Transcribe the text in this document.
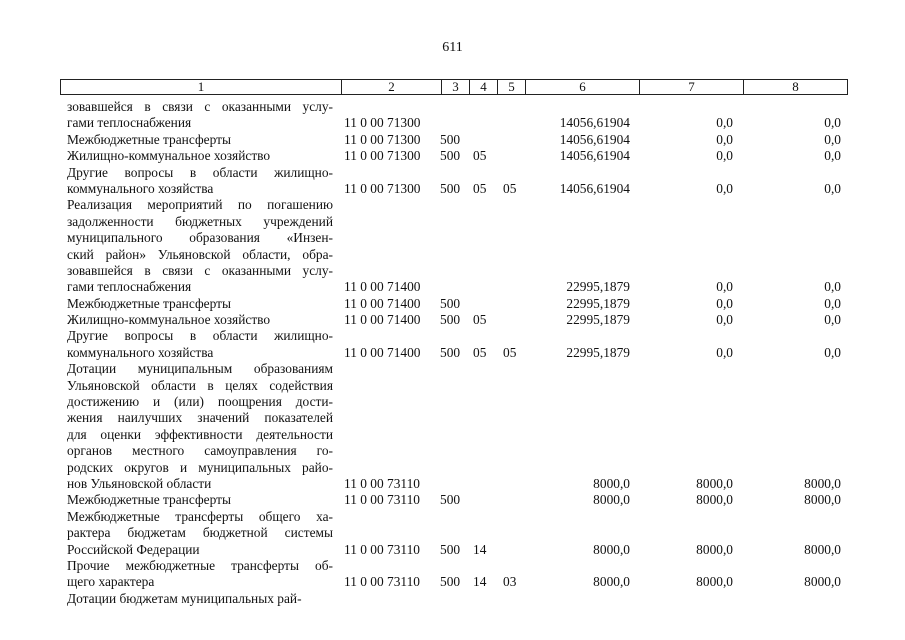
611
1	2	3	4	5	6	7	8
зовавшейся в связи с оказанными услу-
гами теплоснабжения	11 0 00 71300	14056,61904	0,0	0,0
Межбюджетные трансферты	11 0 00 71300 500	14056,61904	0,0	0,0
Жилищно-коммунальное хозяйство	11 0 00 71300 500 05	14056,61904	0,0	0,0
Другие вопросы в области жилищно-
коммунального хозяйства	11 0 00 71300 500 05 05	14056,61904	0,0	0,0
Реализация мероприятий по погашению
задолженности бюджетных учреждений
муниципального образования «Инзен-
ский район» Ульяновской области, обра-
зовавшейся в связи с оказанными услу-
гами теплоснабжения	11 0 00 71400	22995,1879	0,0	0,0
Межбюджетные трансферты	11 0 00 71400 500	22995,1879	0,0	0,0
Жилищно-коммунальное хозяйство	11 0 00 71400 500 05	22995,1879	0,0	0,0
Другие вопросы в области жилищно-
коммунального хозяйства	11 0 00 71400 500 05 05	22995,1879	0,0	0,0
Дотации муниципальным образованиям
Ульяновской области в целях содействия
достижению и (или) поощрения дости-
жения наилучших значений показателей
для оценки эффективности деятельности
органов местного самоуправления го-
родских округов и муниципальных райо-
нов Ульяновской области	11 0 00 73110	8000,0	8000,0	8000,0
Межбюджетные трансферты	11 0 00 73110 500	8000,0	8000,0	8000,0
Межбюджетные трансферты общего ха-
рактера бюджетам бюджетной системы
Российской Федерации	11 0 00 73110 500 14	8000,0	8000,0	8000,0
Прочие межбюджетные трансферты об-
щего характера	11 0 00 73110 500 14 03	8000,0	8000,0	8000,0
Дотации бюджетам муниципальных рай-
